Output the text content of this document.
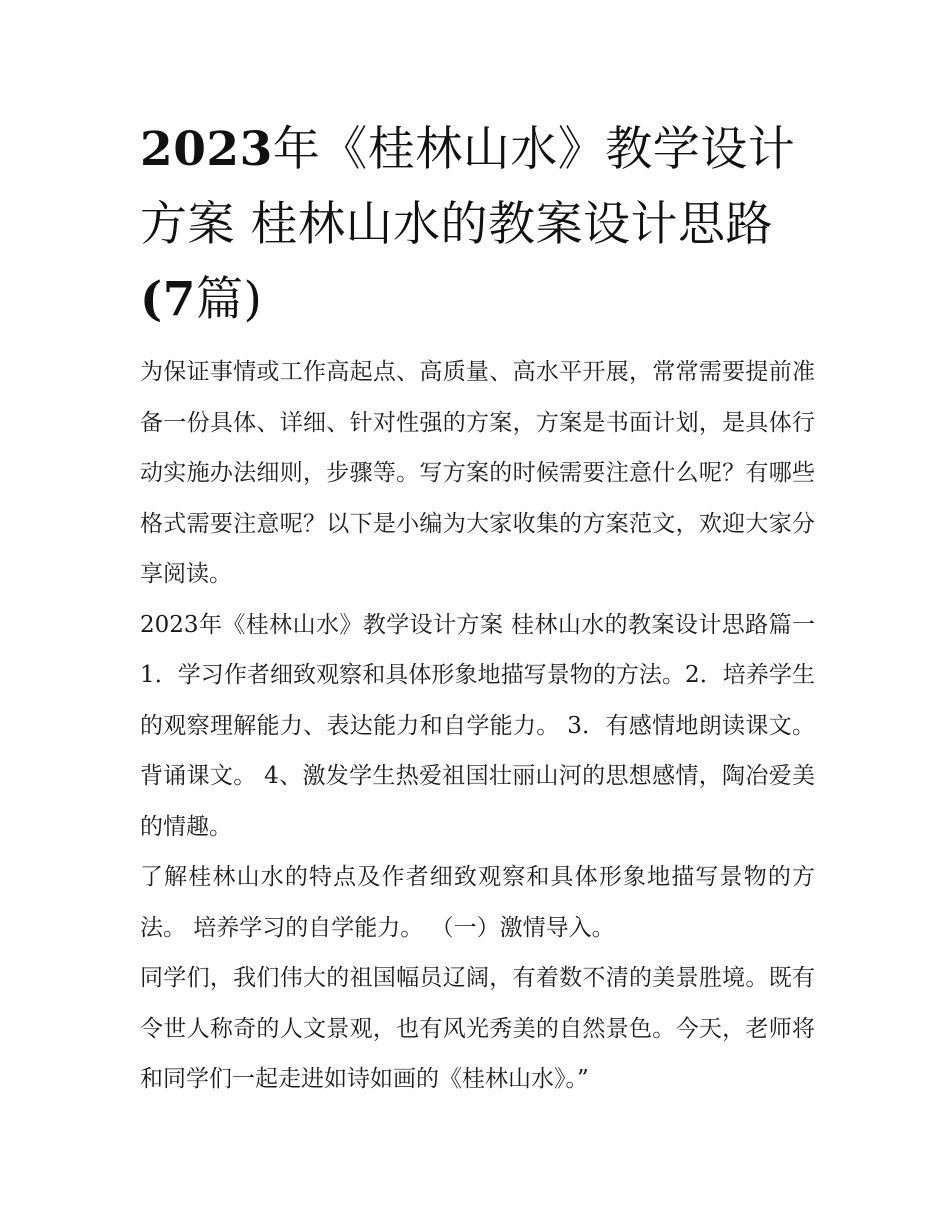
2023年《桂林山水》教学设计方案 桂林山水的教案设计思路
(7篇)

为保证事情或工作高起点、高质量、高水平开展，常常需要提前准备一份具体、详细、针对性强的方案，方案是书面计划，是具体行动实施办法细则，步骤等。写方案的时候需要注意什么呢？有哪些格式需要注意呢？以下是小编为大家收集的方案范文，欢迎大家分享阅读。

2023年《桂林山水》教学设计方案 桂林山水的教案设计思路篇一1．学习作者细致观察和具体形象地描写景物的方法。2．培养学生的观察理解能力、表达能力和自学能力。 3．有感情地朗读课文。背诵课文。 4、激发学生热爱祖国壮丽山河的思想感情，陶冶爱美的情趣。

了解桂林山水的特点及作者细致观察和具体形象地描写景物的方法。 培养学习的自学能力。 （一）激情导入。

同学们，我们伟大的祖国幅员辽阔，有着数不清的美景胜境。既有令世人称奇的人文景观，也有风光秀美的自然景色。今天，老师将和同学们一起走进如诗如画的《桂林山水》。”
